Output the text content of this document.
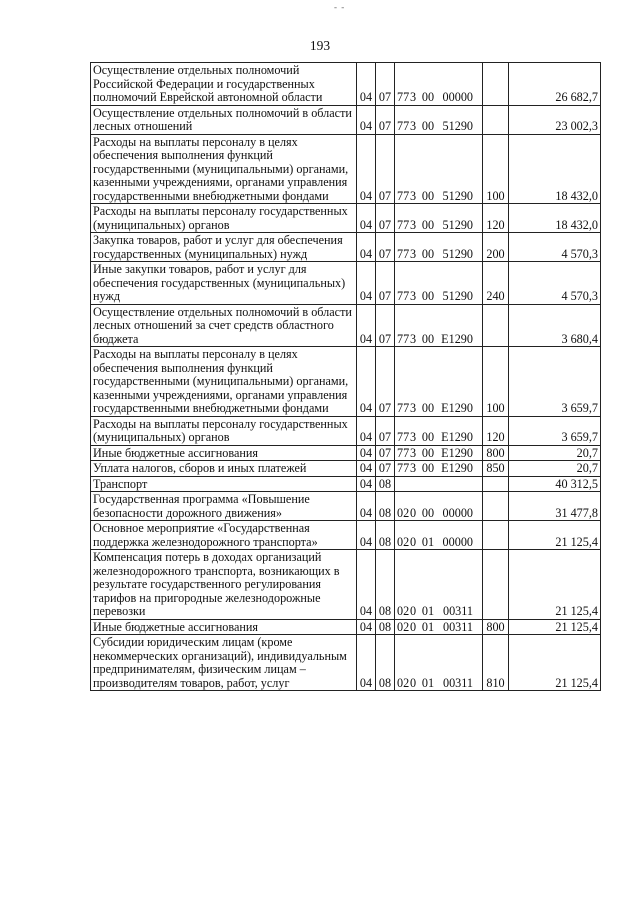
- -
193
Осуществление отдельных полномочий Российской Федерации и государственных полномочий Еврейской автономной области	04	07	773 00 00000		26 682,7
Осуществление отдельных полномочий в области лесных отношений	04	07	773 00 51290		23 002,3
Расходы на выплаты персоналу в целях обеспечения выполнения функций государственными (муниципальными) органами, казенными учреждениями, органами управления государственными внебюджетными фондами	04	07	773 00 51290	100	18 432,0
Расходы на выплаты персоналу государственных (муниципальных) органов	04	07	773 00 51290	120	18 432,0
Закупка товаров, работ и услуг для обеспечения государственных (муниципальных) нужд	04	07	773 00 51290	200	4 570,3
Иные закупки товаров, работ и услуг для обеспечения государственных (муниципальных) нужд	04	07	773 00 51290	240	4 570,3
Осуществление отдельных полномочий в области лесных отношений за счет средств областного бюджета	04	07	773 00 Е1290		3 680,4
Расходы на выплаты персоналу в целях обеспечения выполнения функций государственными (муниципальными) органами, казенными учреждениями, органами управления государственными внебюджетными фондами	04	07	773 00 Е1290	100	3 659,7
Расходы на выплаты персоналу государственных (муниципальных) органов	04	07	773 00 Е1290	120	3 659,7
Иные бюджетные ассигнования	04	07	773 00 Е1290	800	20,7
Уплата налогов, сборов и иных платежей	04	07	773 00 Е1290	850	20,7
Транспорт	04	08			40 312,5
Государственная программа «Повышение безопасности дорожного движения»	04	08	020 00 00000		31 477,8
Основное мероприятие «Государственная поддержка железнодорожного транспорта»	04	08	020 01 00000		21 125,4
Компенсация потерь в доходах организаций железнодорожного транспорта, возникающих в результате государственного регулирования тарифов на пригородные железнодорожные перевозки	04	08	020 01 00311		21 125,4
Иные бюджетные ассигнования	04	08	020 01 00311	800	21 125,4
Субсидии юридическим лицам (кроме некоммерческих организаций), индивидуальным предпринимателям, физическим лицам – производителям товаров, работ, услуг	04	08	020 01 00311	810	21 125,4
